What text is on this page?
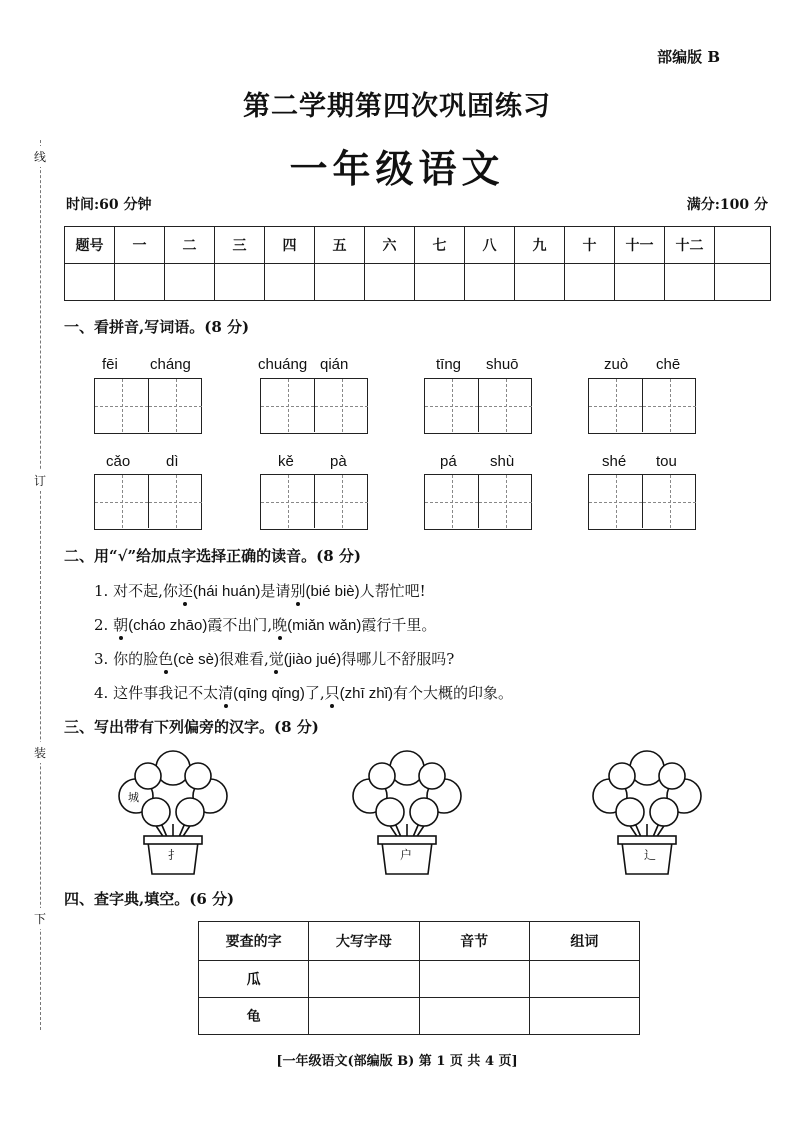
部编版 B
第二学期第四次巩固练习
一年级语文
时间:60 分钟	满分:100 分
线
订
装
下
题号	一	二	三	四	五	六	七	八	九	十	十一	十二	

一、看拼音,写词语。(8 分)
fēi cháng	chuáng qián	tīng shuō	zuò chē
cǎo dì	kě pà	pá shù	shé tou
二、用“√”给加点字选择正确的读音。(8 分)
1. 对不起,你还(hái huán)是请别(bié biè)人帮忙吧!
2. 朝(cháo zhāo)霞不出门,晚(miǎn wǎn)霞行千里。
3. 你的脸色(cè sè)很难看,觉(jiào jué)得哪儿不舒服吗?
4. 这件事我记不太清(qīng qǐng)了,只(zhī zhǐ)有个大概的印象。
三、写出带有下列偏旁的汉字。(8 分)
城
扌	户	辶
四、查字典,填空。(6 分)
要查的字	大写字母	音节	组词
瓜			
龟			
[一年级语文(部编版 B) 第 1 页 共 4 页]
